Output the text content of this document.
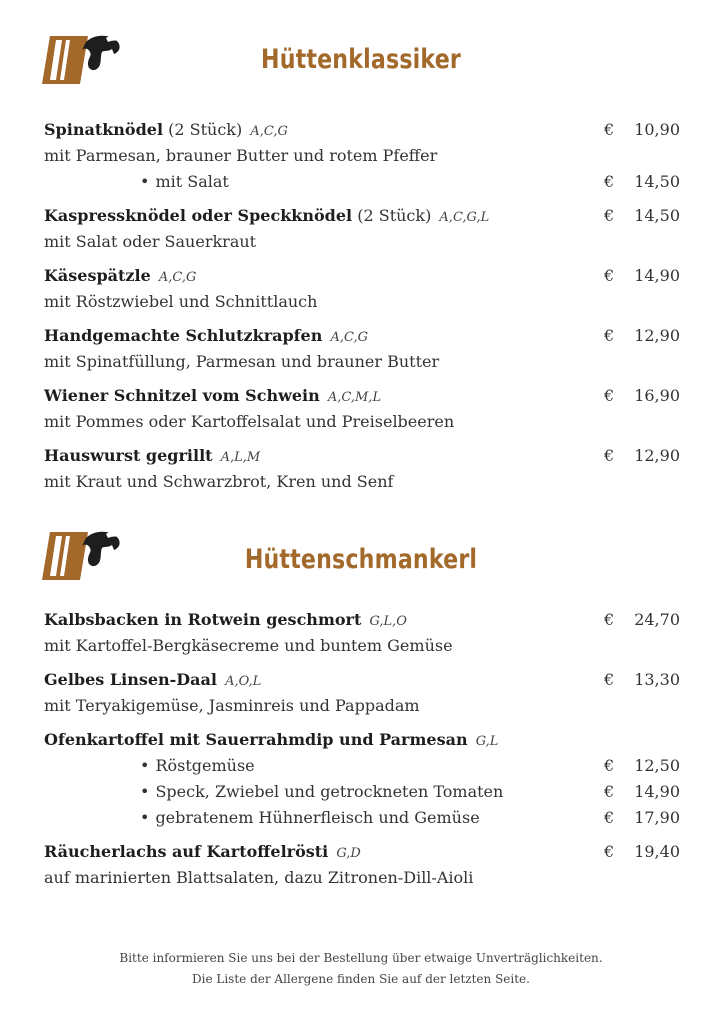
Hüttenklassiker
Spinatknödel (2 Stück) A,C,G	€ 10,90
mit Parmesan, brauner Butter und rotem Pfeffer
• mit Salat	€ 14,50
Kaspressknödel oder Speckknödel (2 Stück) A,C,G,L	€ 14,50
mit Salat oder Sauerkraut
Käsespätzle A,C,G	€ 14,90
mit Röstzwiebel und Schnittlauch
Handgemachte Schlutzkrapfen A,C,G	€ 12,90
mit Spinatfüllung, Parmesan und brauner Butter
Wiener Schnitzel vom Schwein A,C,M,L	€ 16,90
mit Pommes oder Kartoffelsalat und Preiselbeeren
Hauswurst gegrillt A,L,M	€ 12,90
mit Kraut und Schwarzbrot, Kren und Senf
Hüttenschmankerl
Kalbsbacken in Rotwein geschmort G,L,O	€ 24,70
mit Kartoffel-Bergkäsecreme und buntem Gemüse
Gelbes Linsen-Daal A,O,L	€ 13,30
mit Teryakigemüse, Jasminreis und Pappadam
Ofenkartoffel mit Sauerrahmdip und Parmesan G,L
• Röstgemüse	€ 12,50
• Speck, Zwiebel und getrockneten Tomaten	€ 14,90
• gebratenem Hühnerfleisch und Gemüse	€ 17,90
Räucherlachs auf Kartoffelrösti G,D	€ 19,40
auf marinierten Blattsalaten, dazu Zitronen-Dill-Aioli
Bitte informieren Sie uns bei der Bestellung über etwaige Unverträglichkeiten.
Die Liste der Allergene finden Sie auf der letzten Seite.
